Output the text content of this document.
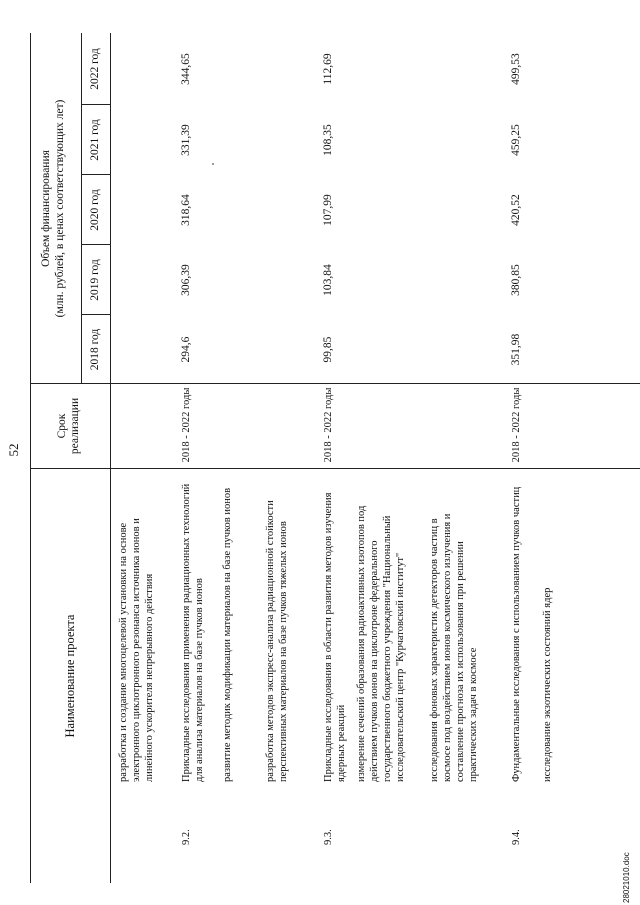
52
Наименование проекта
Срок реализации
Объем финансирования (млн. рублей, в ценах соответствующих лет)
2018 год
2019 год
2020 год
2021 год
2022 год
разработка и создание многоцелевой установки на основе электронного циклотронного резонанса источника ионов и линейного ускорителя непрерывного действия
9.2.
Прикладные исследования применения радиационных технологий для анализа материалов на базе пучков ионов развитие методик модификации материалов на базе пучков ионов	разработка методов экспресс-анализа радиационной стойкости перспективных материалов на базе пучков тяжелых ионов
2018 - 2022 годы
294,6
306,39
318,64
331,39
344,65
9.3.
Прикладные исследования в области развития методов изучения ядерных реакций измерение сечений образования радиоактивных изотопов под действием пучков ионов на циклотроне федерального государственного бюджетного учреждения "Национальный исследовательский центр "Курчатовский институт" исследования фоновых характеристик детекторов частиц в космосе под воздействием ионов космического излучения и составление прогноза их использования при решении практических задач в космосе
2018 - 2022 годы
99,85
103,84
107,99
108,35
112,69
9.4.
Фундаментальные исследования с использованием пучков частиц исследование экзотических состояний ядер
2018 - 2022 годы
351,98
380,85
420,52
459,25
499,53
28021010.doc
